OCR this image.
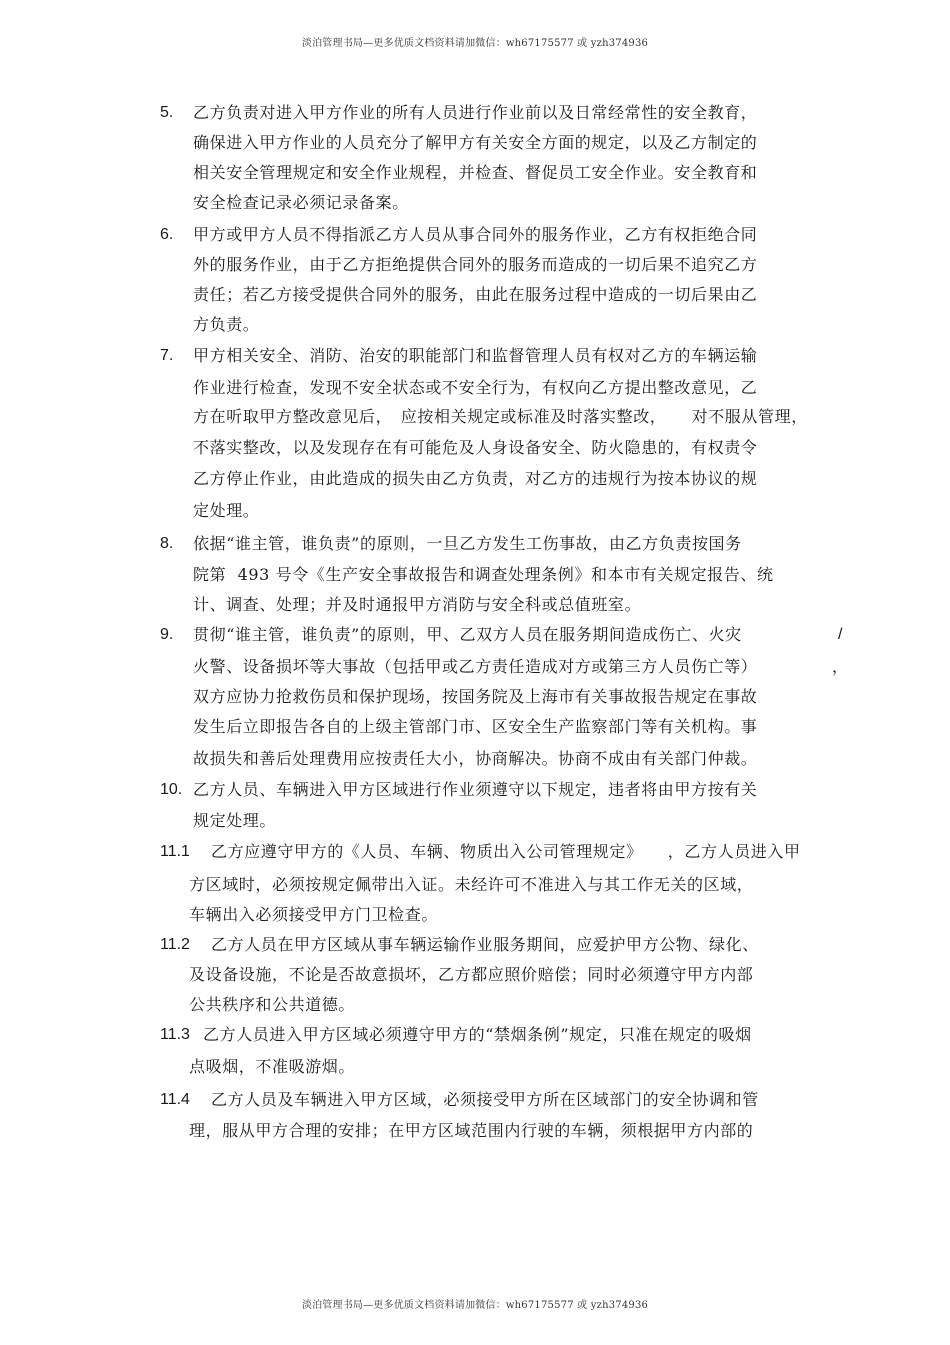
淡泊管理书局—更多优质文档资料请加微信：wh67175577 或 yzh374936
5. 乙方负责对进入甲方作业的所有人员进行作业前以及日常经常性的安全教育，
确保进入甲方作业的人员充分了解甲方有关安全方面的规定，以及乙方制定的
相关安全管理规定和安全作业规程，并检查、督促员工安全作业。安全教育和
安全检查记录必须记录备案。
6. 甲方或甲方人员不得指派乙方人员从事合同外的服务作业，乙方有权拒绝合同
外的服务作业，由于乙方拒绝提供合同外的服务而造成的一切后果不追究乙方
责任；若乙方接受提供合同外的服务，由此在服务过程中造成的一切后果由乙
方负责。
7. 甲方相关安全、消防、治安的职能部门和监督管理人员有权对乙方的车辆运输
作业进行检查，发现不安全状态或不安全行为，有权向乙方提出整改意见，乙
方在听取甲方整改意见后，　应按相关规定或标准及时落实整改，　　对不服从管理，
不落实整改，以及发现存在有可能危及人身设备安全、防火隐患的，有权责令
乙方停止作业，由此造成的损失由乙方负责，对乙方的违规行为按本协议的规
定处理。
8. 依据“谁主管，谁负责”的原则，一旦乙方发生工伤事故，由乙方负责按国务
院第  493 号令《生产安全事故报告和调查处理条例》和本市有关规定报告、统
计、调查、处理；并及时通报甲方消防与安全科或总值班室。
9. 贯彻“谁主管，谁负责”的原则，甲、乙双方人员在服务期间造成伤亡、火灾	/
火警、设备损坏等大事故（包括甲或乙方责任造成对方或第三方人员伤亡等）	，
双方应协力抢救伤员和保护现场，按国务院及上海市有关事故报告规定在事故
发生后立即报告各自的上级主管部门市、区安全生产监察部门等有关机构。事
故损失和善后处理费用应按责任大小，协商解决。协商不成由有关部门仲裁。
10. 乙方人员、车辆进入甲方区域进行作业须遵守以下规定，违者将由甲方按有关
规定处理。
11.1 乙方应遵守甲方的《人员、车辆、物质出入公司管理规定》　　，乙方人员进入甲
方区域时，必须按规定佩带出入证。未经许可不准进入与其工作无关的区域，
车辆出入必须接受甲方门卫检查。
11.2 乙方人员在甲方区域从事车辆运输作业服务期间，应爱护甲方公物、绿化、
及设备设施，不论是否故意损坏，乙方都应照价赔偿；同时必须遵守甲方内部
公共秩序和公共道德。
11.3 乙方人员进入甲方区域必须遵守甲方的“禁烟条例”规定，只准在规定的吸烟
点吸烟，不准吸游烟。
11.4 乙方人员及车辆进入甲方区域，必须接受甲方所在区域部门的安全协调和管
理，服从甲方合理的安排；在甲方区域范围内行驶的车辆，须根据甲方内部的
淡泊管理书局—更多优质文档资料请加微信：wh67175577 或 yzh374936
